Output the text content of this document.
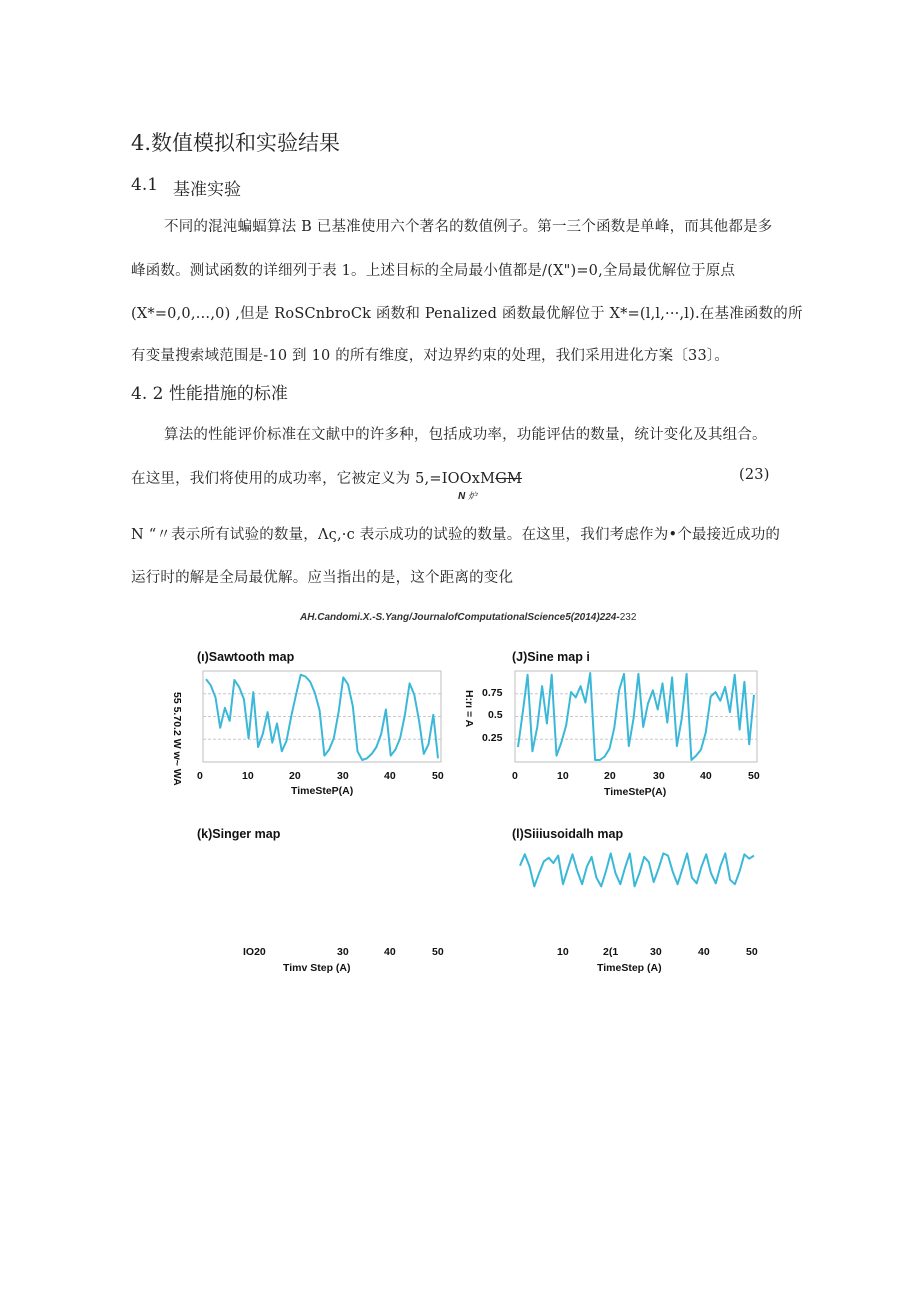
4.数值模拟和实验结果
4.1 基准实验
不同的混沌蝙蝠算法 B 已基准使用六个著名的数值例子。第一三个函数是单峰，而其他都是多
峰函数。测试函数的详细列于表 1。上述目标的全局最小值都是/(X")=0,全局最优解位于原点
(X*=0,0,…,0) ,但是 RoSCnbroCk 函数和 Penalized 函数最优解位于 X*=(l,l,···,l).在基准函数的所
有变量搜索域范围是-10 到 10 的所有维度，对边界约束的处理，我们采用进化方案〔33〕。
4. 2 性能措施的标准
算法的性能评价标准在文献中的许多种，包括成功率，功能评估的数量，统计变化及其组合。
在这里，我们将使用的成功率，它被定义为 5,=IOOxMGM
N 炉
(23)
N “〃表示所有试验的数量，Λς,·c 表示成功的试验的数量。在这里，我们考虑作为•个最接近成功的
运行时的解是全局最优解。应当指出的是，这个距离的变化
AH.Candomi.X.-S.Yang/JournalofComputationalScience5(2014)224-232
(ı)Sawtooth map	(J)Sine map i
(k)Singer map	(l)Siiiusoidalh map
55 5.70.2 W w~ WA	H:rı = A 0.75
0.5
0.25
0	10	20	30	40	50
TimeSteP(A)
0	10	20	30	40	50
TimeSteP(A)
IO20	30	40	50
Timv Step (A)
10	2(1	30	40	50
TimeStep (A)
